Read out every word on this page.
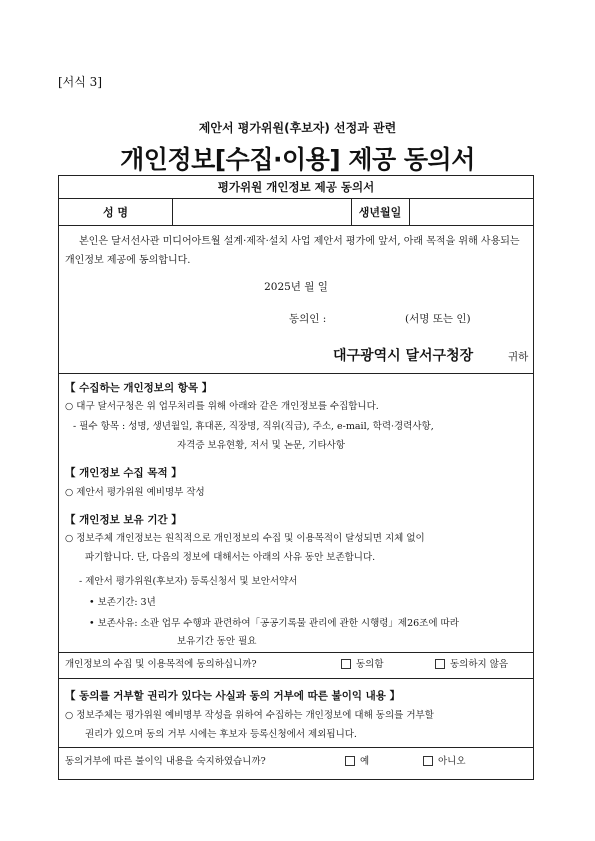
[서식 3]
제안서 평가위원(후보자) 선정과 관련
개인정보[수집·이용] 제공 동의서
평가위원 개인정보 제공 동의서
성 명	생년월일
본인은 달서선사관 미디어아트월 설계·제작·설치 사업 제안서 평가에 앞서, 아래 목적을 위해 사용되는 개인정보 제공에 동의합니다.
2025년 월 일
동의인 :	(서명 또는 인)
대구광역시 달서구청장	귀하
【 수집하는 개인정보의 항목 】
○ 대구 달서구청은 위 업무처리를 위해 아래와 같은 개인정보를 수집합니다.
- 필수 항목 : 성명, 생년월일, 휴대폰, 직장명, 직위(직급), 주소, e-mail, 학력·경력사항,
자격증 보유현황, 저서 및 논문, 기타사항
【 개인정보 수집 목적 】
○ 제안서 평가위원 예비명부 작성
【 개인정보 보유 기간 】
○ 정보주체 개인정보는 원칙적으로 개인정보의 수집 및 이용목적이 달성되면 지체 없이
파기합니다. 단, 다음의 정보에 대해서는 아래의 사유 동안 보존합니다.
- 제안서 평가위원(후보자) 등록신청서 및 보안서약서
• 보존기간: 3년
• 보존사유: 소관 업무 수행과 관련하여「공공기록물 관리에 관한 시행령」제26조에 따라
보유기간 동안 필요
개인정보의 수집 및 이용목적에 동의하십니까?	동의함	동의하지 않음
【 동의를 거부할 권리가 있다는 사실과 동의 거부에 따른 불이익 내용 】
○ 정보주체는 평가위원 예비명부 작성을 위하여 수집하는 개인정보에 대해 동의를 거부할
권리가 있으며 동의 거부 시에는 후보자 등록신청에서 제외됩니다.
동의거부에 따른 불이익 내용을 숙지하였습니까?	예	아니오
